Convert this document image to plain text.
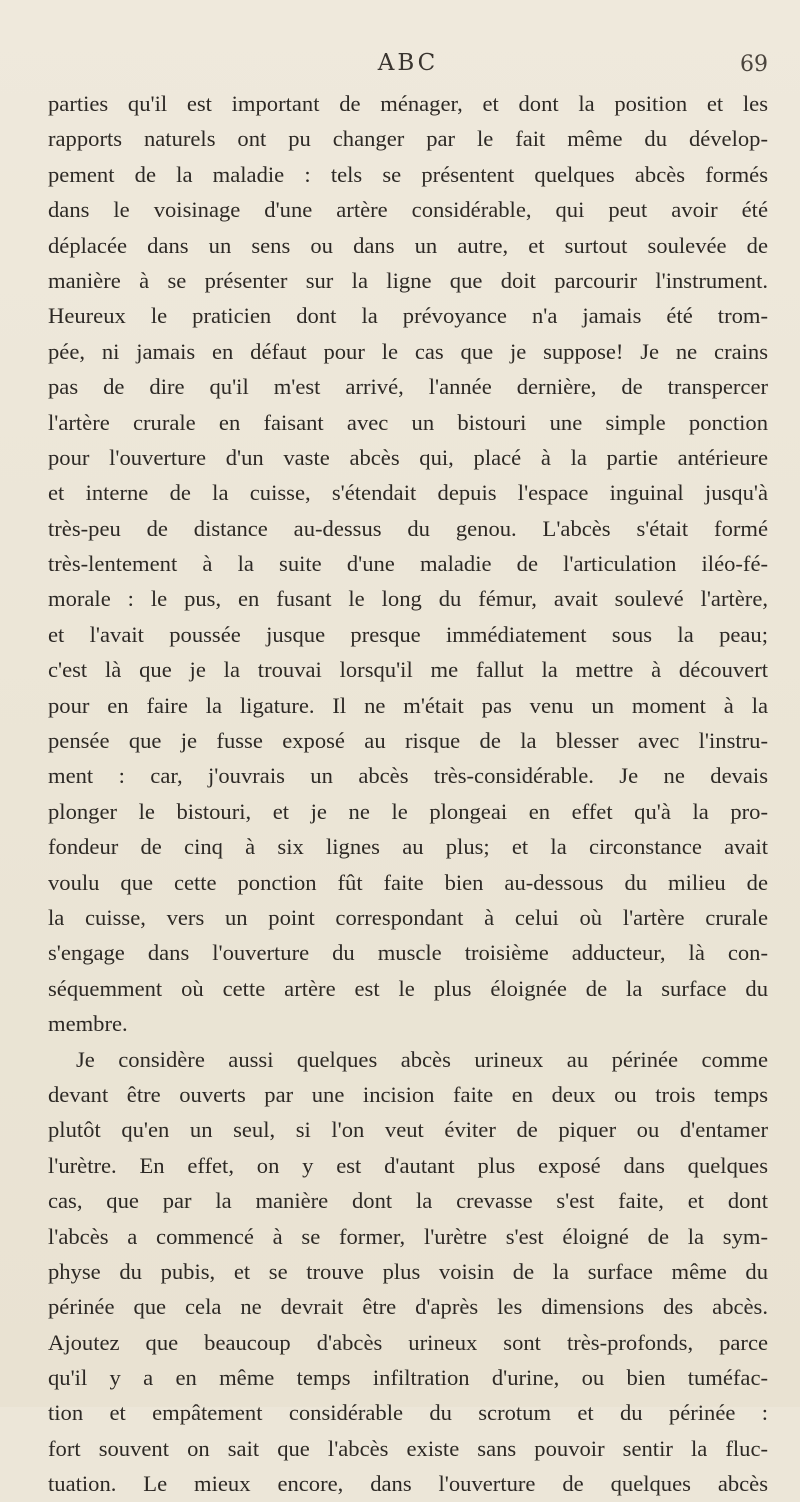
ABC	69
parties qu'il est important de ménager, et dont la position et les
rapports naturels ont pu changer par le fait même du dévelop-
pement de la maladie : tels se présentent quelques abcès formés
dans le voisinage d'une artère considérable, qui peut avoir été
déplacée dans un sens ou dans un autre, et surtout soulevée de
manière à se présenter sur la ligne que doit parcourir l'instrument.
Heureux le praticien dont la prévoyance n'a jamais été trom-
pée, ni jamais en défaut pour le cas que je suppose! Je ne crains
pas de dire qu'il m'est arrivé, l'année dernière, de transpercer
l'artère crurale en faisant avec un bistouri une simple ponction
pour l'ouverture d'un vaste abcès qui, placé à la partie antérieure
et interne de la cuisse, s'étendait depuis l'espace inguinal jusqu'à
très-peu de distance au-dessus du genou. L'abcès s'était formé
très-lentement à la suite d'une maladie de l'articulation iléo-fé-
morale : le pus, en fusant le long du fémur, avait soulevé l'artère,
et l'avait poussée jusque presque immédiatement sous la peau;
c'est là que je la trouvai lorsqu'il me fallut la mettre à découvert
pour en faire la ligature. Il ne m'était pas venu un moment à la
pensée que je fusse exposé au risque de la blesser avec l'instru-
ment : car, j'ouvrais un abcès très-considérable. Je ne devais
plonger le bistouri, et je ne le plongeai en effet qu'à la pro-
fondeur de cinq à six lignes au plus; et la circonstance avait
voulu que cette ponction fût faite bien au-dessous du milieu de
la cuisse, vers un point correspondant à celui où l'artère crurale
s'engage dans l'ouverture du muscle troisième adducteur, là con-
séquemment où cette artère est le plus éloignée de la surface du
membre.
Je considère aussi quelques abcès urineux au périnée comme
devant être ouverts par une incision faite en deux ou trois temps
plutôt qu'en un seul, si l'on veut éviter de piquer ou d'entamer
l'urètre. En effet, on y est d'autant plus exposé dans quelques
cas, que par la manière dont la crevasse s'est faite, et dont
l'abcès a commencé à se former, l'urètre s'est éloigné de la sym-
physe du pubis, et se trouve plus voisin de la surface même du
périnée que cela ne devrait être d'après les dimensions des abcès.
Ajoutez que beaucoup d'abcès urineux sont très-profonds, parce
qu'il y a en même temps infiltration d'urine, ou bien tuméfac-
tion et empâtement considérable du scrotum et du périnée :
fort souvent on sait que l'abcès existe sans pouvoir sentir la fluc-
tuation. Le mieux encore, dans l'ouverture de quelques abcès
